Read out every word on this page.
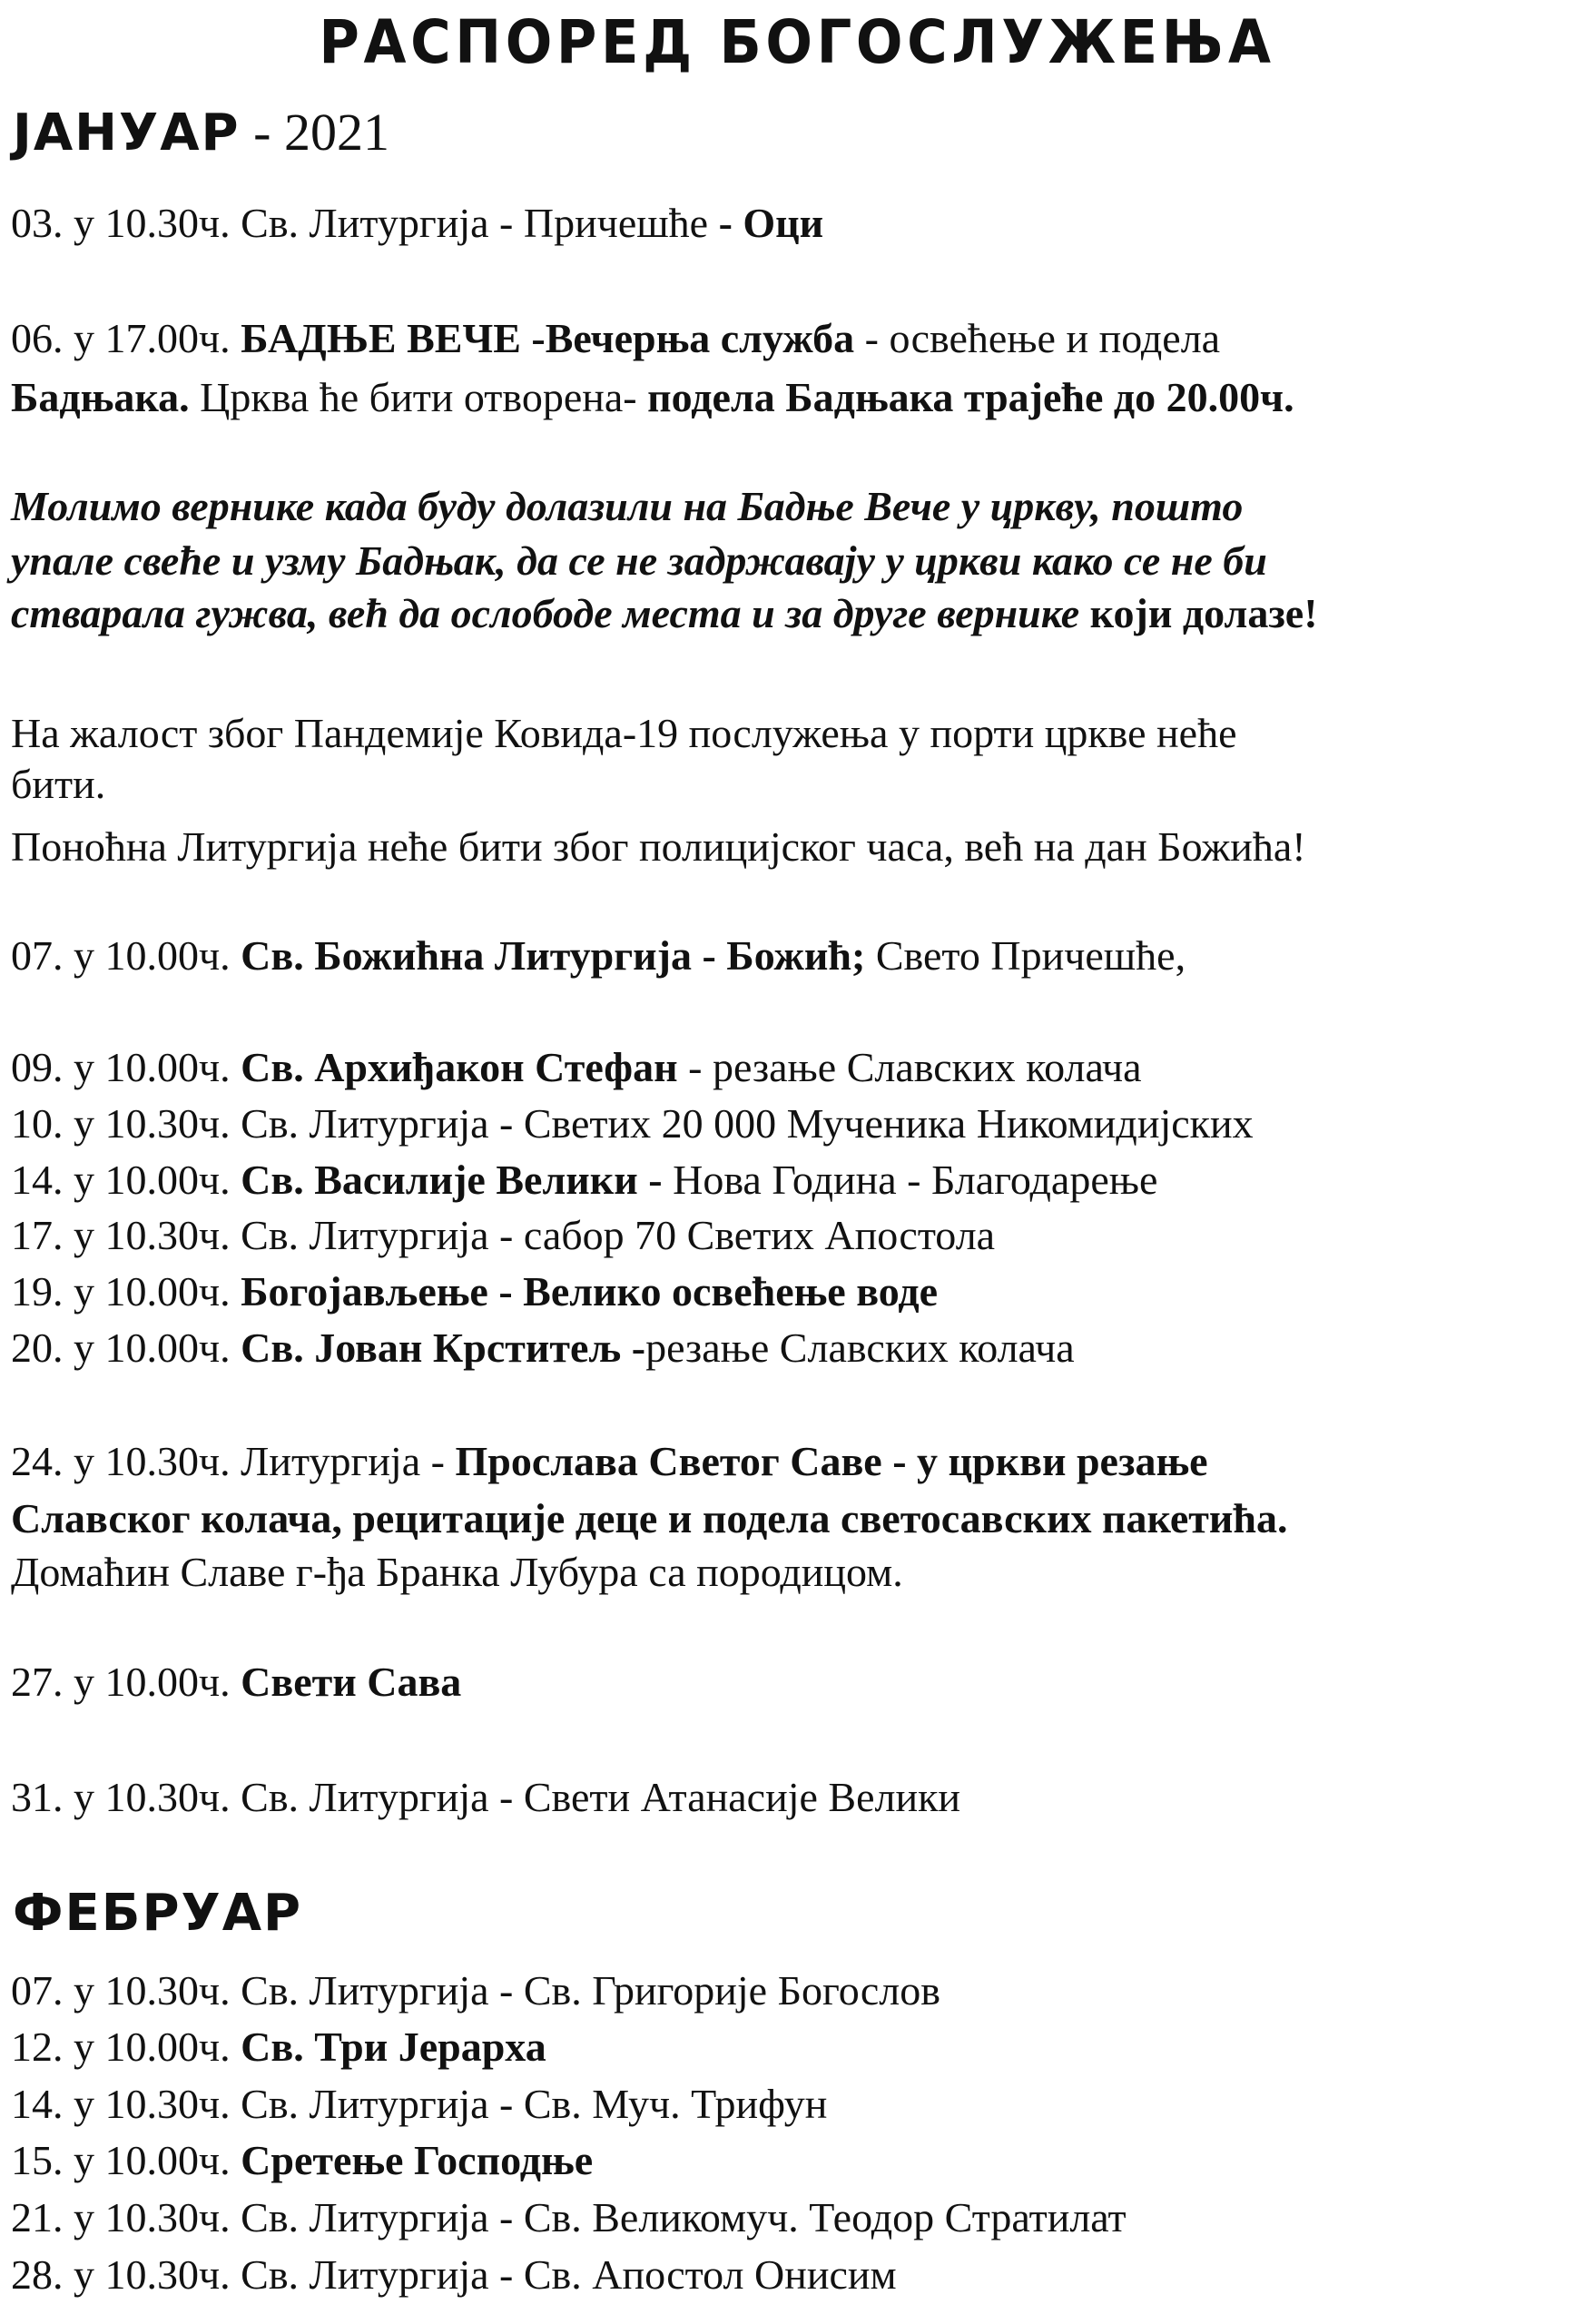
РАСПОРЕД БОГОСЛУЖЕЊА
ЈАНУАР - 2021

03. у 10.30ч. Св. Литургија - Причешће - Оци

06. у 17.00ч. БАДЊЕ ВЕЧЕ -Вечерња служба - освећење и подела

Бадњака. Црква ће бити отворена- подела Бадњака трајеће до 20.00ч.

Молимо вернике када буду долазили на Бадње Вече у цркву, пошто

упале свеће и узму Бадњак, да се не задржавају у цркви како се не би

стварала гужва, већ да ослободе места и за друге вернике који долазе!

На жалост због Пандемије Ковида-19 послужења у порти цркве неће

бити.

Поноћна Литургија неће бити због полицијског часа, већ на дан Божића!

07. у 10.00ч. Св. Божићна Литургија - Божић; Свето Причешће,

09. у 10.00ч. Св. Архиђакон Стефан - резање Славских колача

10. у 10.30ч. Св. Литургија - Светих 20 000 Мученика Никомидијских

14. у 10.00ч. Св. Василије Велики - Нова Година - Благодарење

17. у 10.30ч. Св. Литургија - сабор 70 Светих Апостола

19. у 10.00ч. Богојављење - Велико освећење воде

20. у 10.00ч. Св. Јован Крститељ -резање Славских колача

24. у 10.30ч. Литургија - Прослава Светог Саве - у цркви резање

Славског колача, рецитације деце и подела светосавских пакетића.

Домаћин Славе г-ђа Бранка Лубура са породицом.

27. у 10.00ч. Свети Сава

31. у 10.30ч. Св. Литургија - Свети Атанасије Велики

ФЕБРУАР

07. у 10.30ч. Св. Литургија - Св. Григорије Богослов

12. у 10.00ч. Св. Три Јерарха

14. у 10.30ч. Св. Литургија - Св. Муч. Трифун

15. у 10.00ч. Сретење Господње

21. у 10.30ч. Св. Литургија - Св. Великомуч. Теодор Стратилат

28. у 10.30ч. Св. Литургија - Св. Апостол Онисим
